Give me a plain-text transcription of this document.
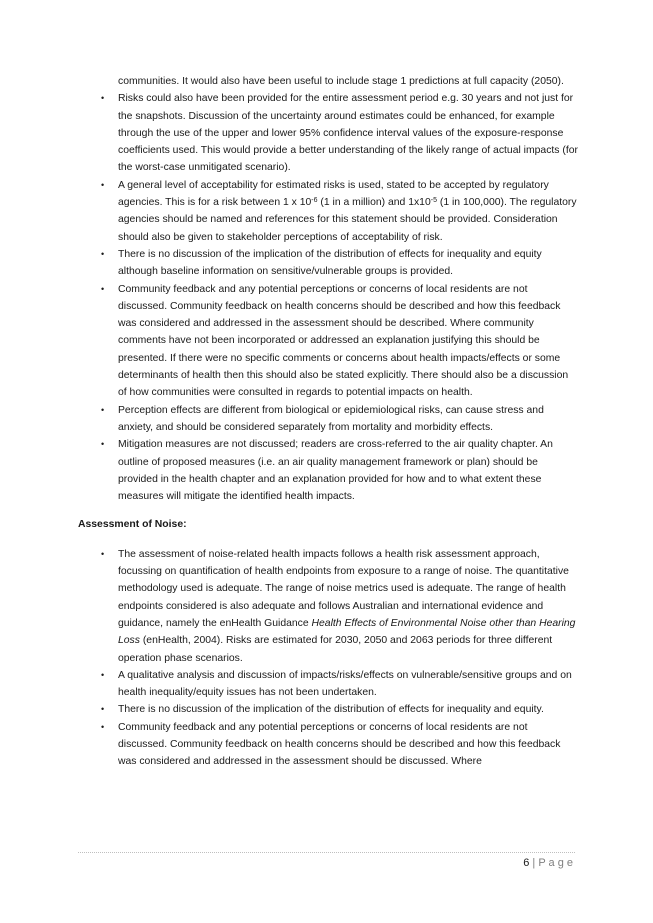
communities. It would also have been useful to include stage 1 predictions at full capacity (2050).

• Risks could also have been provided for the entire assessment period e.g. 30 years and not just for the snapshots. Discussion of the uncertainty around estimates could be enhanced, for example through the use of the upper and lower 95% confidence interval values of the exposure-response coefficients used. This would provide a better understanding of the likely range of actual impacts (for the worst-case unmitigated scenario).
• A general level of acceptability for estimated risks is used, stated to be accepted by regulatory agencies. This is for a risk between 1 x $10^{-6}$ (1 in a million) and $1x10^{-5}$ (1 in 100,000). The regulatory agencies should be named and references for this statement should be provided. Consideration should also be given to stakeholder perceptions of acceptability of risk.
• There is no discussion of the implication of the distribution of effects for inequality and equity although baseline information on sensitive/vulnerable groups is provided.
• Community feedback and any potential perceptions or concerns of local residents are not discussed. Community feedback on health concerns should be described and how this feedback was considered and addressed in the assessment should be described. Where community comments have not been incorporated or addressed an explanation justifying this should be presented. If there were no specific comments or concerns about health impacts/effects or some determinants of health then this should also be stated explicitly. There should also be a discussion of how communities were consulted in regards to potential impacts on health.
• Perception effects are different from biological or epidemiological risks, can cause stress and anxiety, and should be considered separately from mortality and morbidity effects.
• Mitigation measures are not discussed; readers are cross-referred to the air quality chapter. An outline of proposed measures (i.e. an air quality management framework or plan) should be provided in the health chapter and an explanation provided for how and to what extent these measures will mitigate the identified health impacts.
Assessment of Noise:
• The assessment of noise-related health impacts follows a health risk assessment approach, focussing on quantification of health endpoints from exposure to a range of noise. The quantitative methodology used is adequate. The range of noise metrics used is adequate. The range of health endpoints considered is also adequate and follows Australian and international evidence and guidance, namely the enHealth Guidance Health Effects of Environmental Noise other than Hearing Loss (enHealth, 2004). Risks are estimated for 2030, 2050 and 2063 periods for three different operation phase scenarios.
• A qualitative analysis and discussion of impacts/risks/effects on vulnerable/sensitive groups and on health inequality/equity issues has not been undertaken.
• There is no discussion of the implication of the distribution of effects for inequality and equity.
• Community feedback and any potential perceptions or concerns of local residents are not discussed. Community feedback on health concerns should be described and how this feedback was considered and addressed in the assessment should be discussed. Where
6 | P a g e
